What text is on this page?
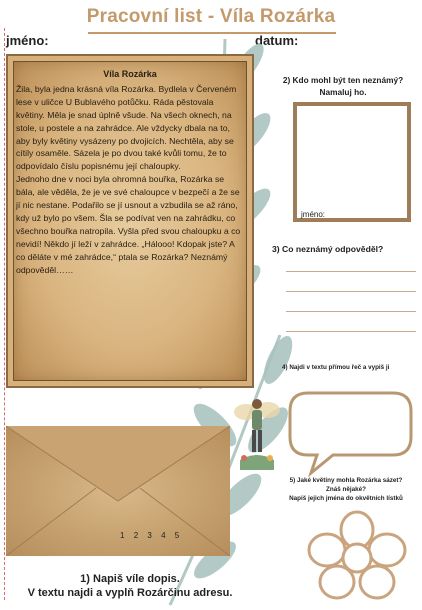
Pracovní list - Víla Rozárka
jméno:	datum:
Víla Rozárka
Žila, byla jedna krásná víla Rozárka. Bydlela v Červeném lese v uličce U Bublavého potůčku. Ráda pěstovala květiny. Měla je snad úplně všude. Na všech oknech, na stole, u postele a na zahrádce. Ale vždycky dbala na to, aby byly květiny vysázeny po dvojicích. Nechtěla, aby se cítily osaměle. Sázela je po dvou také kvůli tomu, že to odpovídalo číslu popisnému její chaloupky.
Jednoho dne v noci byla ohromná bouřka, Rozárka se bála, ale věděla, že je ve své chaloupce v bezpečí a že se jí nic nestane. Podařilo se jí usnout a vzbudila se až ráno, kdy už bylo po všem. Šla se podívat ven na zahrádku, co všechno bouřka natropila. Vyšla před svou chaloupku a co nevidí! Někdo jí leží v zahrádce. „Hálooo! Kdopak jste? A co děláte v mé zahrádce,“ ptala se Rozárka? Neznámý odpověděl……
2) Kdo mohl být ten neznámý?
Namaluj ho.
jméno:
3) Co neznámý odpověděl?
4) Najdi v textu přímou řeč a vypiš ji
1 2 3 4 5
1) Napiš víle dopis.
V textu najdi a vyplň Rozárčinu adresu.
5) Jaké květiny mohla Rozárka sázet?
Znáš nějaké?
Napiš jejich jména do okvětních lístků
